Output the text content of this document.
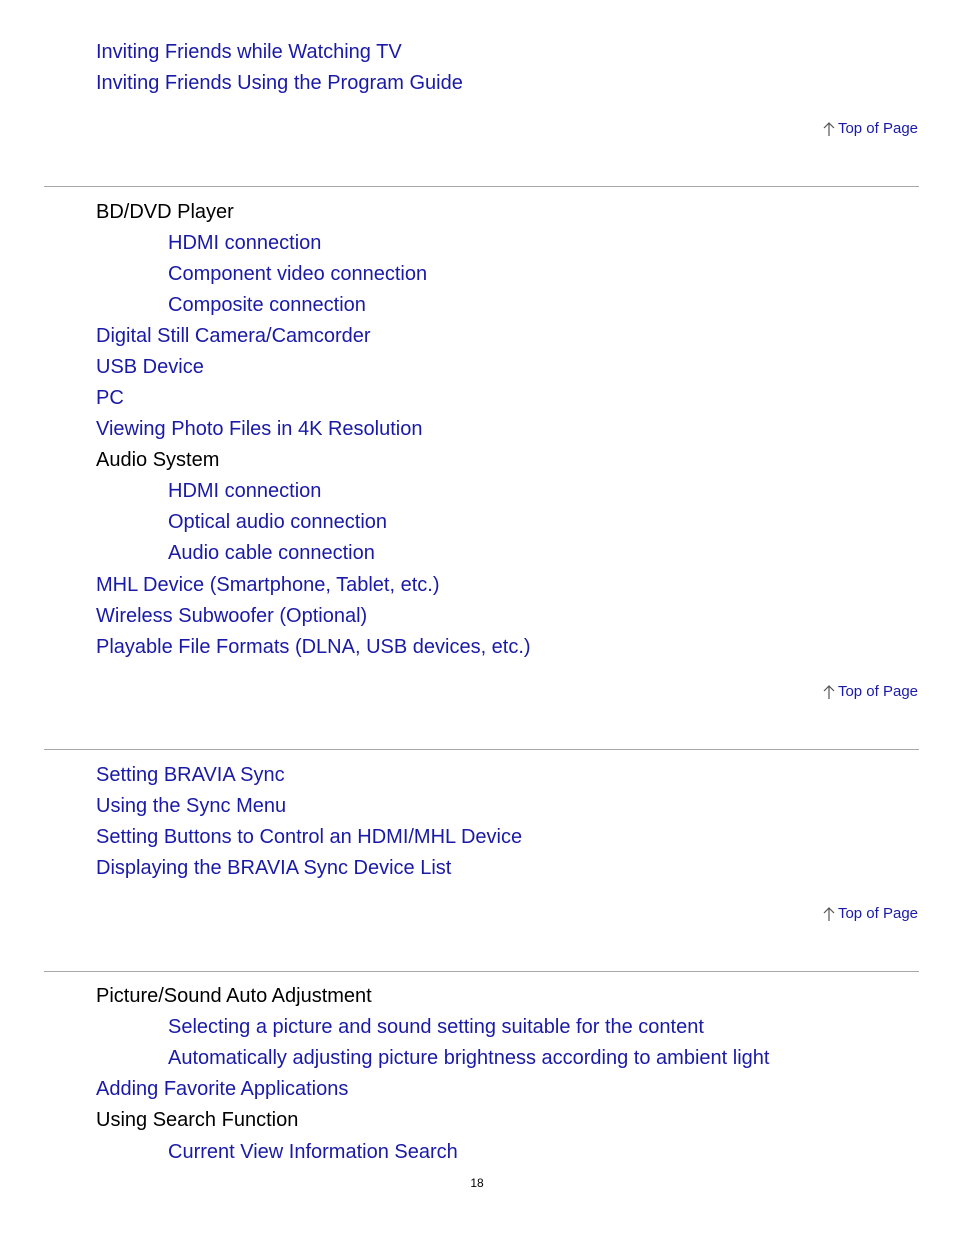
Inviting Friends while Watching TV
Inviting Friends Using the Program Guide
Top of Page
BD/DVD Player
HDMI connection
Component video connection
Composite connection
Digital Still Camera/Camcorder
USB Device
PC
Viewing Photo Files in 4K Resolution
Audio System
HDMI connection
Optical audio connection
Audio cable connection
MHL Device (Smartphone, Tablet, etc.)
Wireless Subwoofer (Optional)
Playable File Formats (DLNA, USB devices, etc.)
Top of Page
Setting BRAVIA Sync
Using the Sync Menu
Setting Buttons to Control an HDMI/MHL Device
Displaying the BRAVIA Sync Device List
Top of Page
Picture/Sound Auto Adjustment
Selecting a picture and sound setting suitable for the content
Automatically adjusting picture brightness according to ambient light
Adding Favorite Applications
Using Search Function
Current View Information Search
18
